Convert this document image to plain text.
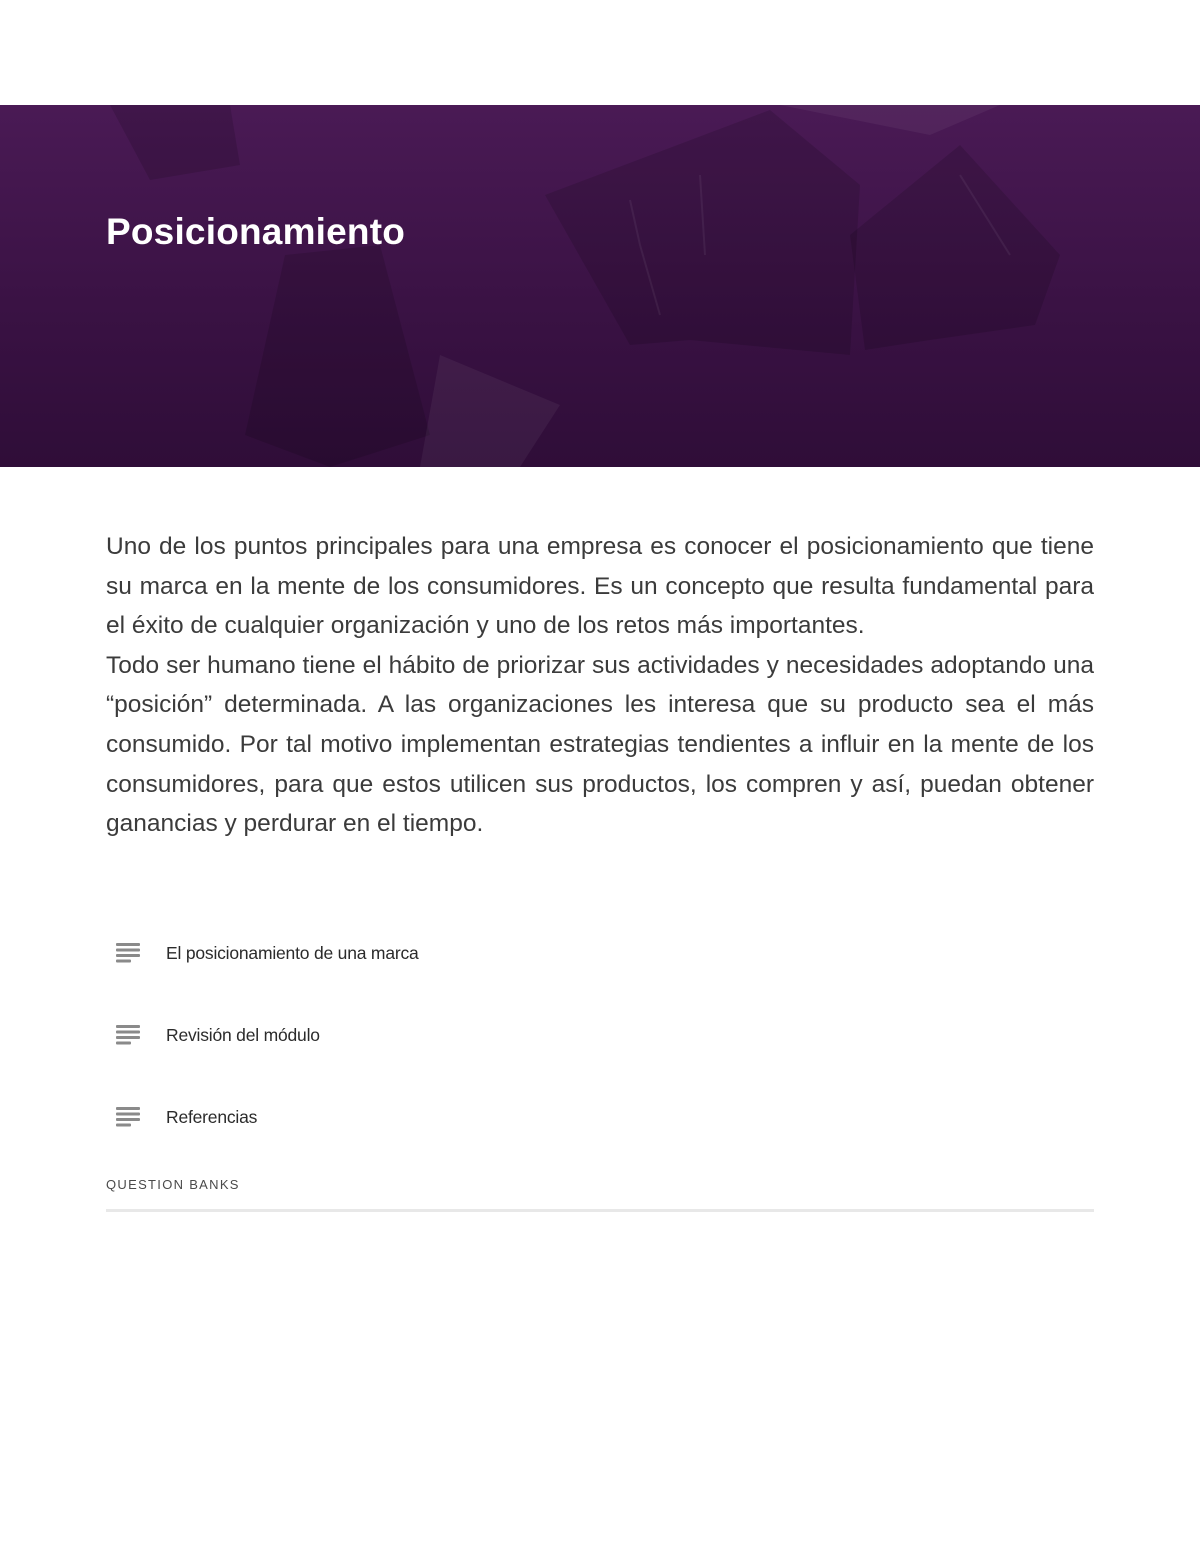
Posicionamiento

Uno de los puntos principales para una empresa es conocer el posicionamiento que tiene su marca en la mente de los consumidores. Es un concepto que resulta fundamental para el éxito de cualquier organización y uno de los retos más importantes.

Todo ser humano tiene el hábito de priorizar sus actividades y necesidades adoptando una “posición” determinada. A las organizaciones les interesa que su producto sea el más consumido. Por tal motivo implementan estrategias tendientes a influir en la mente de los consumidores, para que estos utilicen sus productos, los compren y así, puedan obtener ganancias y perdurar en el tiempo.

El posicionamiento de una marca
Revisión del módulo
Referencias
QUESTION BANKS
